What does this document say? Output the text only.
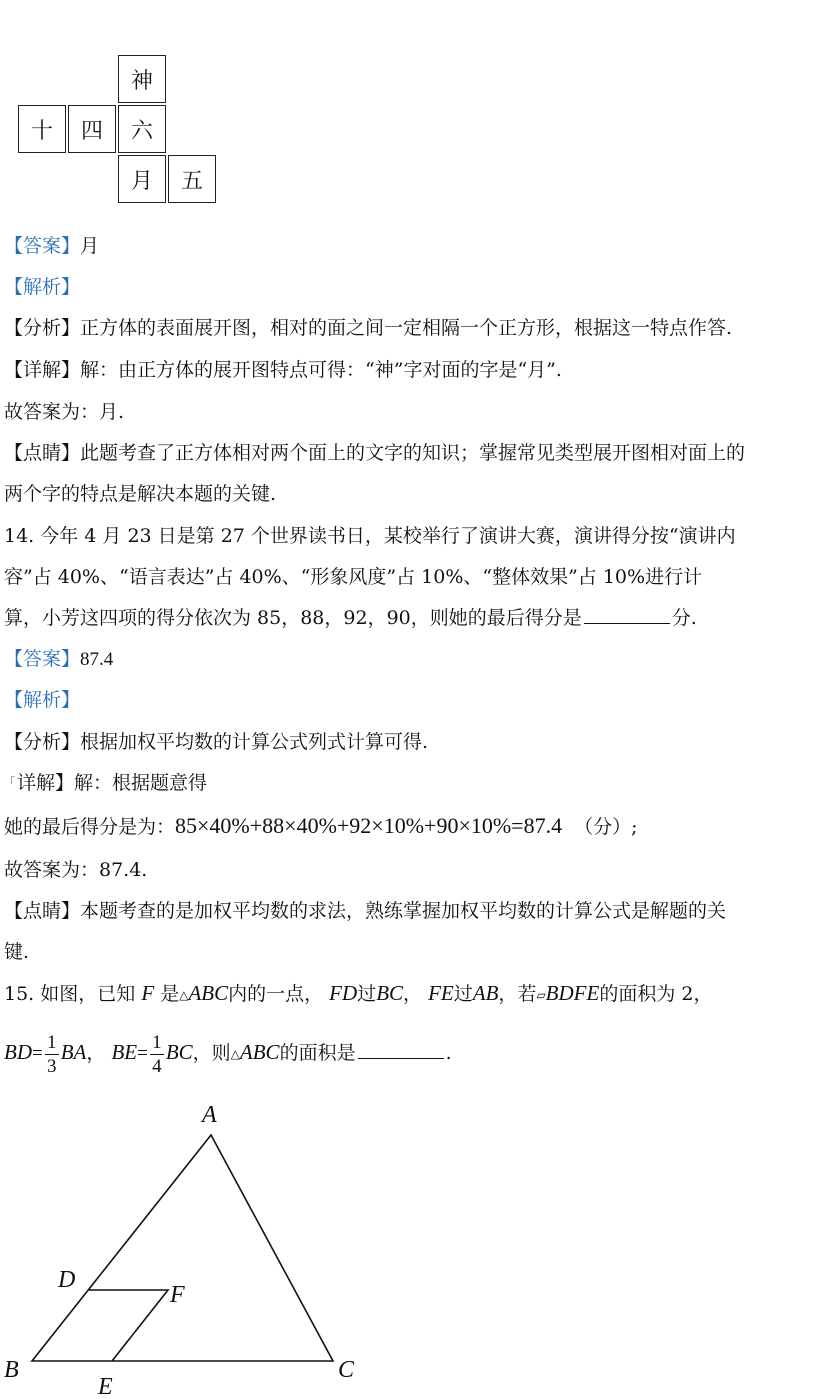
神
十	四	六
月	五
【答案】月
【解析】
【分析】正方体的表面展开图，相对的面之间一定相隔一个正方形，根据这一特点作答.
【详解】解：由正方体的展开图特点可得：“神”字对面的字是“月”.
故答案为：月.
【点睛】此题考查了正方体相对两个面上的文字的知识；掌握常见类型展开图相对面上的
两个字的特点是解决本题的关键.
14. 今年 4 月 23 日是第 27 个世界读书日，某校举行了演讲大赛，演讲得分按“演讲内
容”占 40%、“语言表达”占 40%、“形象风度”占 10%、“整体效果”占 10%进行计
算，小芳这四项的得分依次为 85，88，92，90，则她的最后得分是	分.
【答案】87.4
【解析】
【分析】根据加权平均数的计算公式列式计算可得.
「 详解】解：根据题意得
她的最后得分是为：85×40%+88×40%+92×10%+90×10%=87.4 （分）;
故答案为：87.4.
【点睛】本题考查的是加权平均数的求法，熟练掌握加权平均数的计算公式是解题的关
键.
15. 如图，已知 F 是△ABC内的一点， FD过BC， FE过AB，若▱BDFE的面积为 2，
$BD= \frac{1}{3}$ BA， $BE= \frac{1}{4}$ BC，则△ABC的面积是	.
A
B	C
D
E
F
